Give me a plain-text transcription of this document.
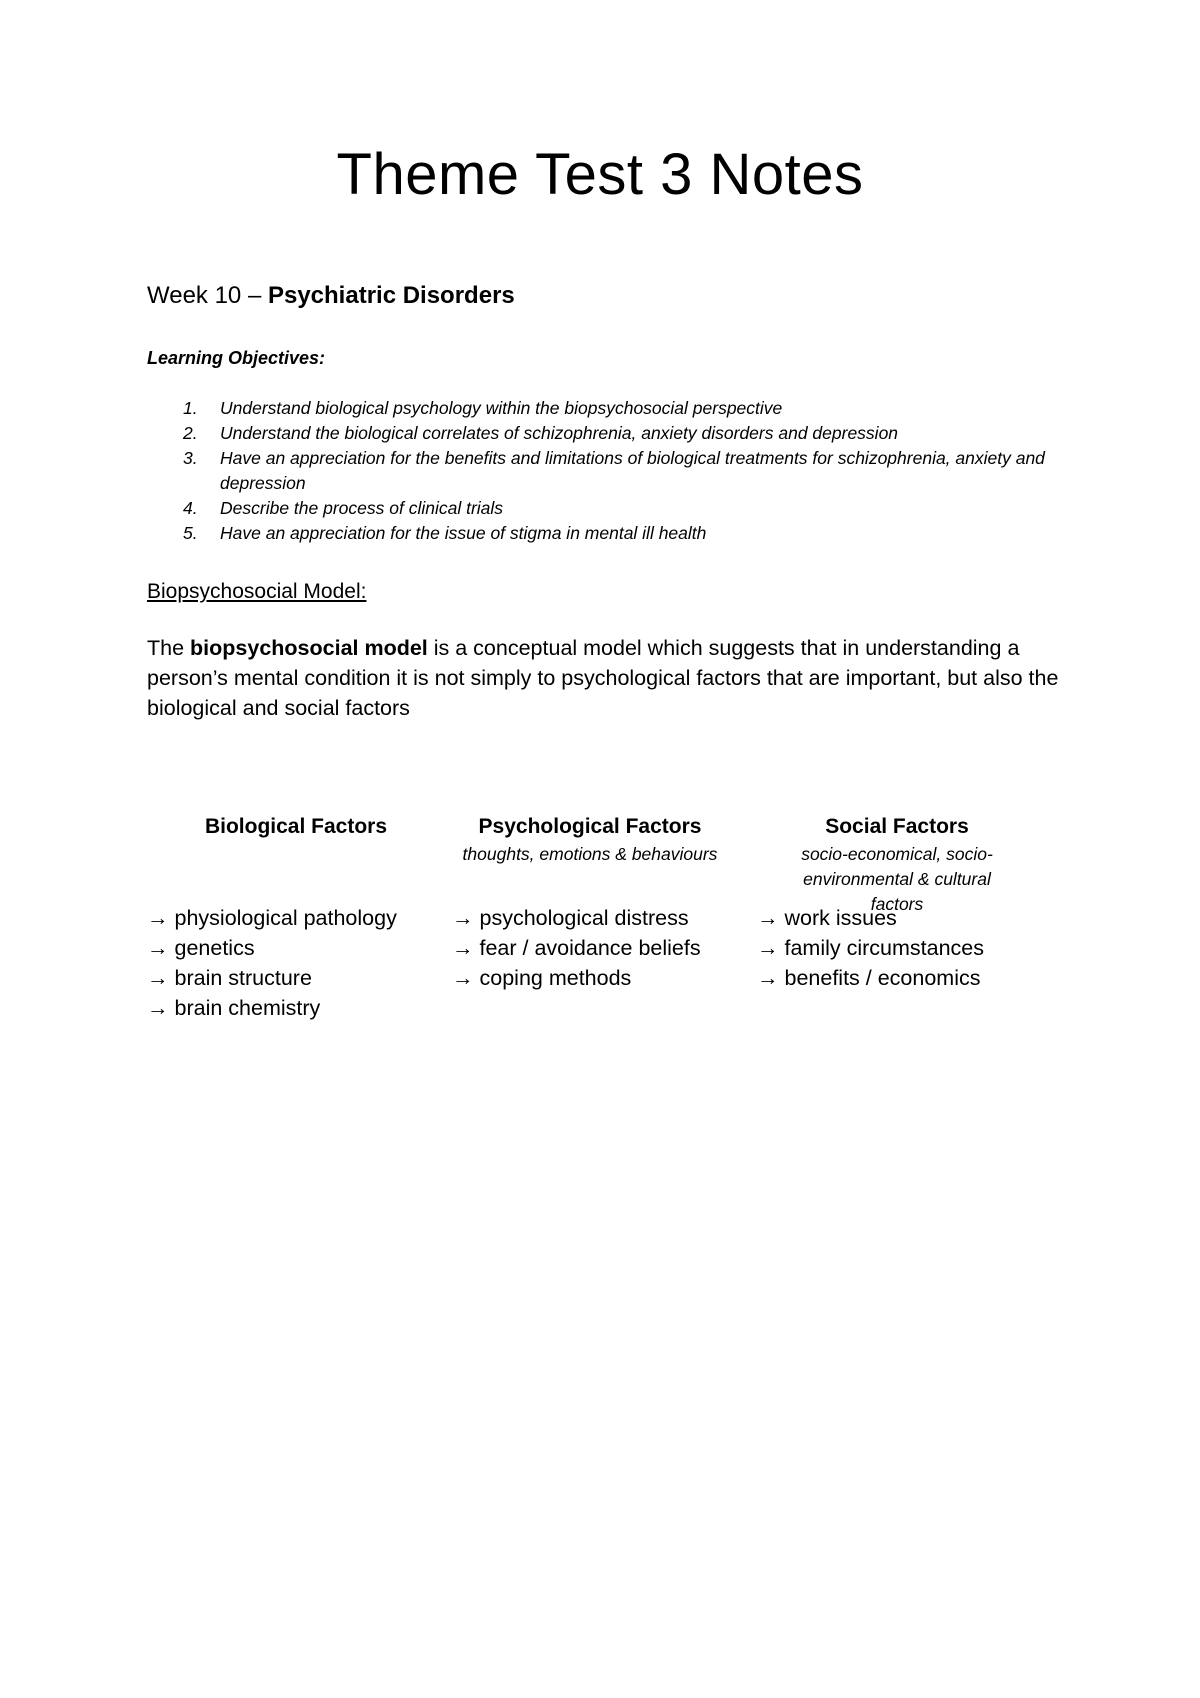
Theme Test 3 Notes
Week 10 – Psychiatric Disorders
Learning Objectives:
1. Understand biological psychology within the biopsychosocial perspective
2. Understand the biological correlates of schizophrenia, anxiety disorders and depression
3. Have an appreciation for the benefits and limitations of biological treatments for schizophrenia, anxiety and depression
4. Describe the process of clinical trials
5. Have an appreciation for the issue of stigma in mental ill health
Biopsychosocial Model:
The biopsychosocial model is a conceptual model which suggests that in understanding a person’s mental condition it is not simply to psychological factors that are important, but also the biological and social factors
Biological Factors
→ physiological pathology
→ genetics
→ brain structure
→ brain chemistry
Psychological Factors
thoughts, emotions & behaviours
→ psychological distress
→ fear / avoidance beliefs
→ coping methods
Social Factors
socio-economical, socio-environmental & cultural factors
→ work issues
→ family circumstances
→ benefits / economics
